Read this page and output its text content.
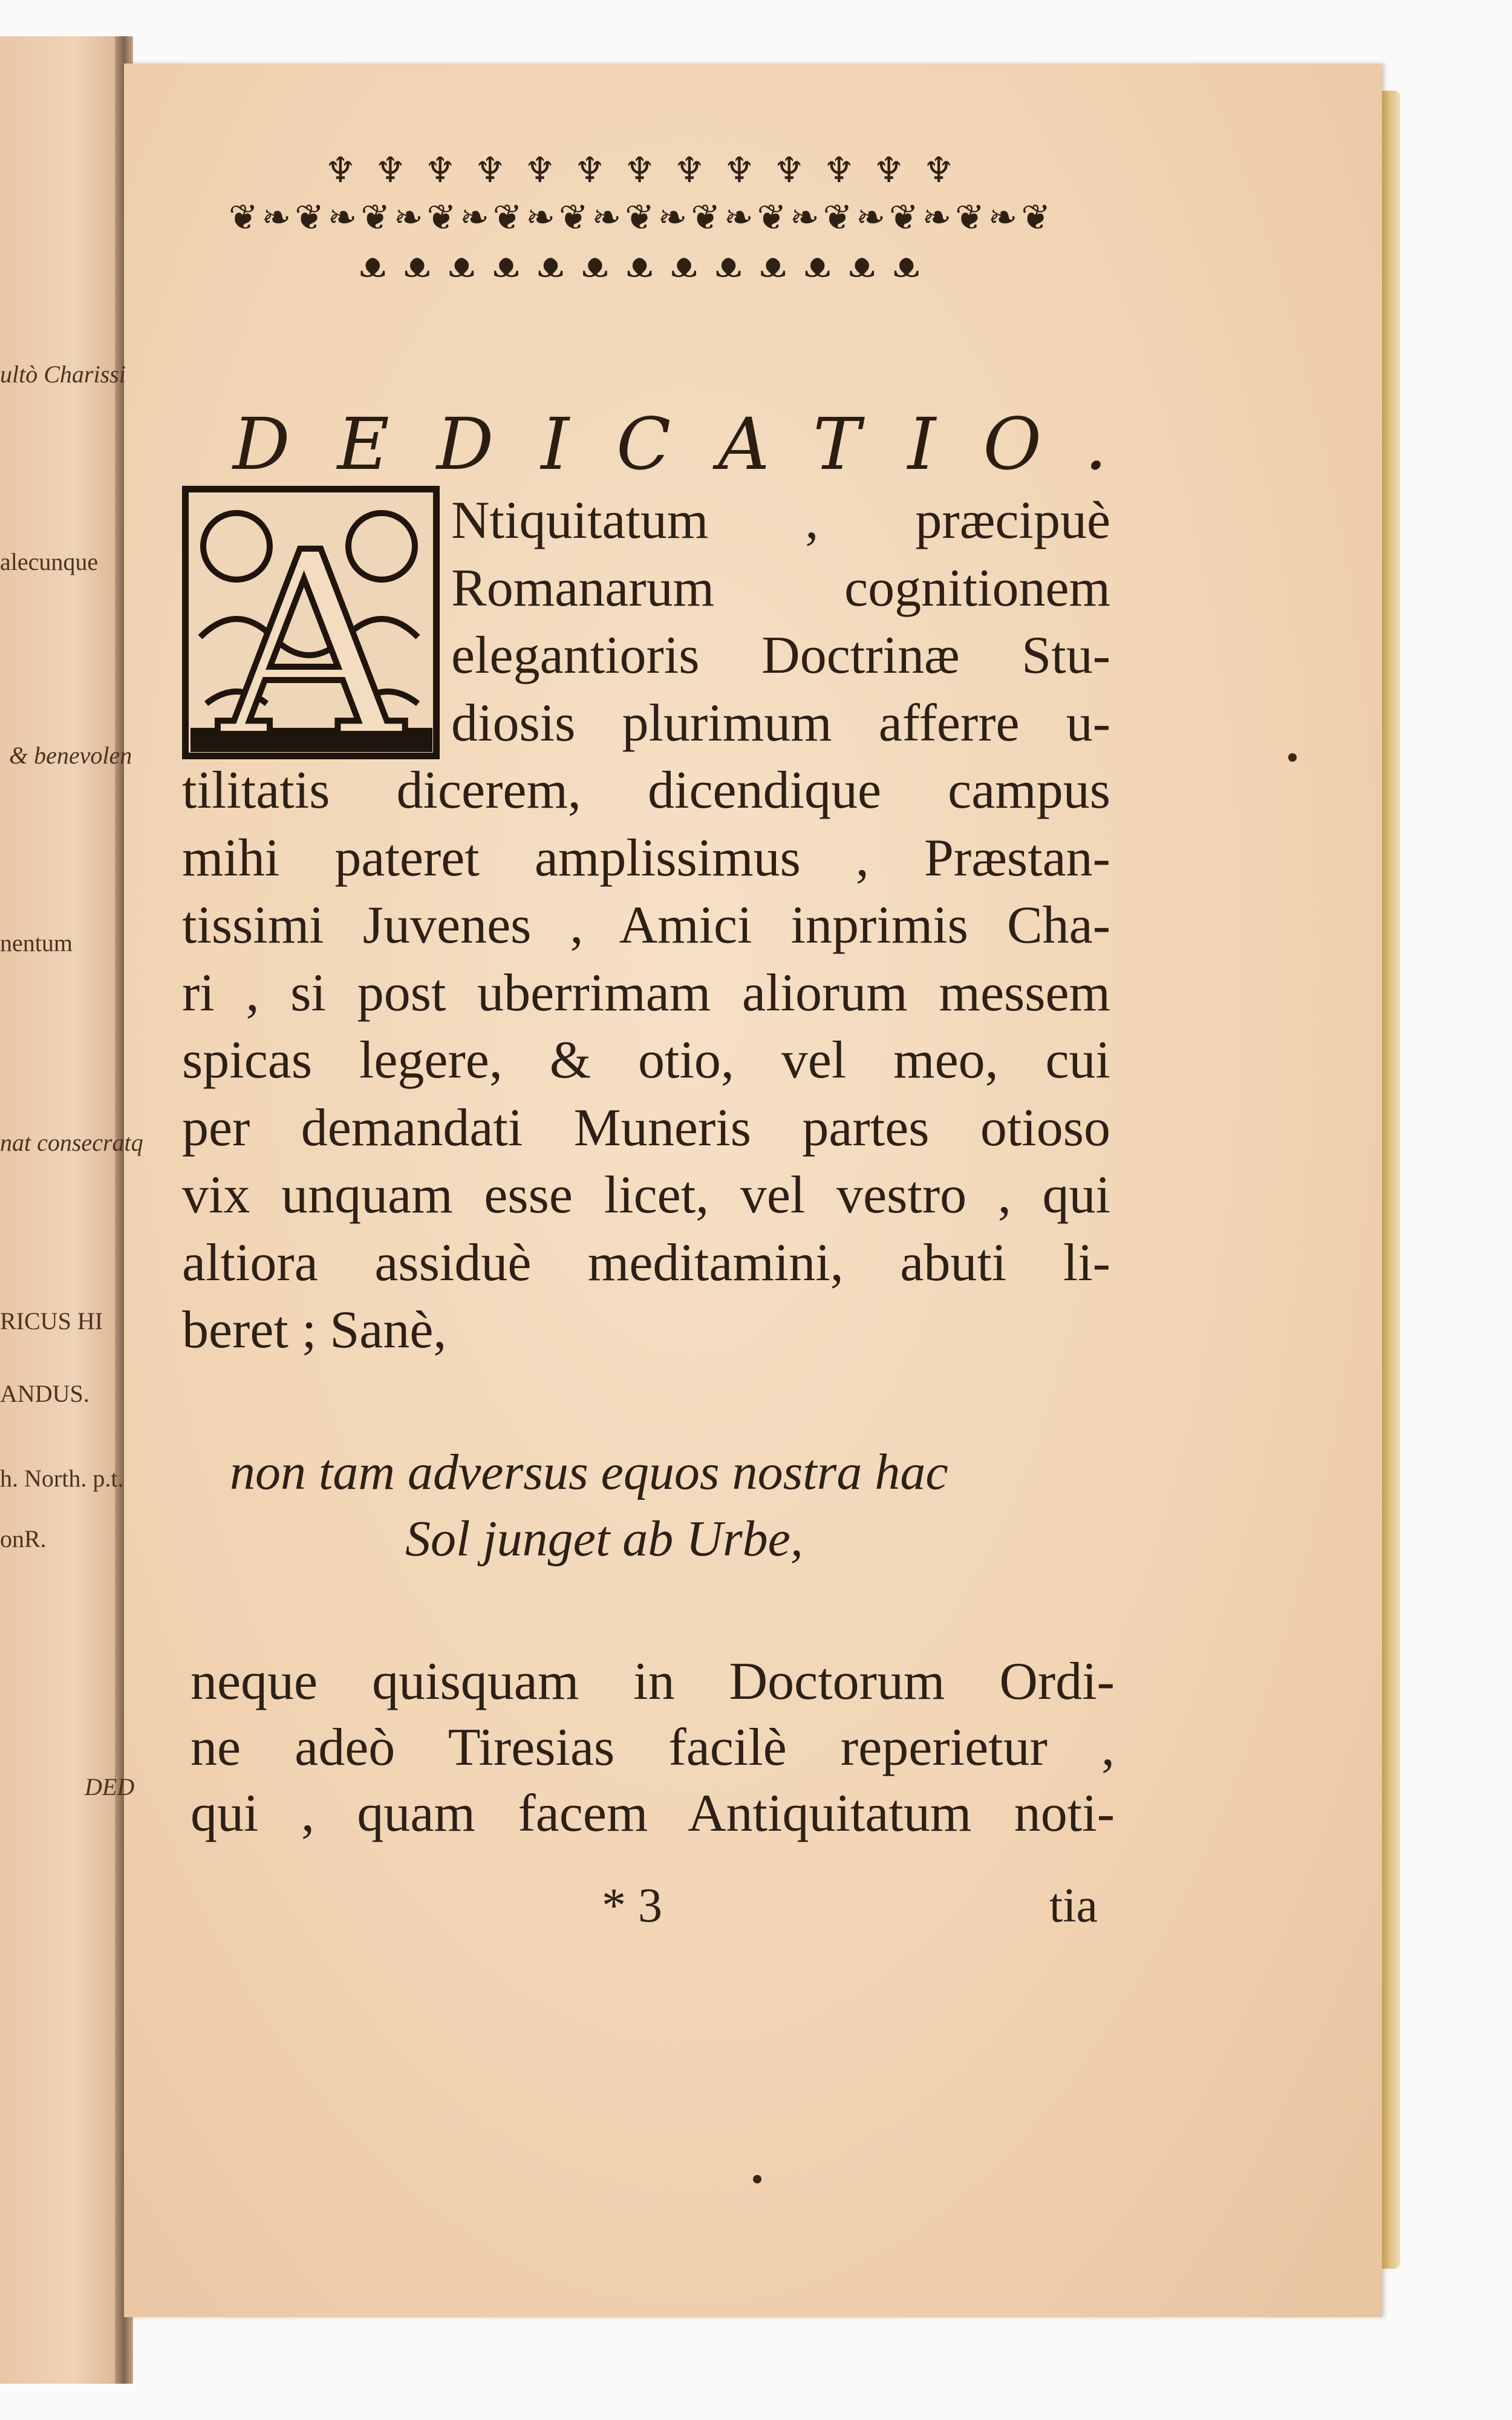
♆ ♆ ♆ ♆ ♆ ♆ ♆ ♆ ♆ ♆ ♆ ♆ ♆
❦❧❦❧❦❧❦❧❦❧❦❧❦❧❦❧❦❧❦❧❦❧❦❧❦
ᴥ ᴥ ᴥ ᴥ ᴥ ᴥ ᴥ ᴥ ᴥ ᴥ ᴥ ᴥ ᴥ
DEDICATIO.
A Ntiquitatum , præcipuè
Romanarum cognitionem
elegantioris Doctrinæ Stu-
diosis plurimum afferre u-
tilitatis dicerem, dicendique campus
mihi pateret amplissimus , Præstan-
tissimi Juvenes , Amici inprimis Cha-
ri , si post uberrimam aliorum messem
spicas legere, & otio, vel meo, cui
per demandati Muneris partes otioso
vix unquam esse licet, vel vestro , qui
altiora assiduè meditamini, abuti li-
beret ; Sanè,
non tam adversus equos nostra hac
Sol junget ab Urbe,
neque quisquam in Doctorum Ordi-
ne adeò Tiresias facilè reperietur ,
qui , quam facem Antiquitatum noti-
* 3	tia
ultò Charissi
alecunque
& benevolen
nentum
nat consecratq
RICUS HI
ANDUS.
h. North. p.t.
onR.
DED
